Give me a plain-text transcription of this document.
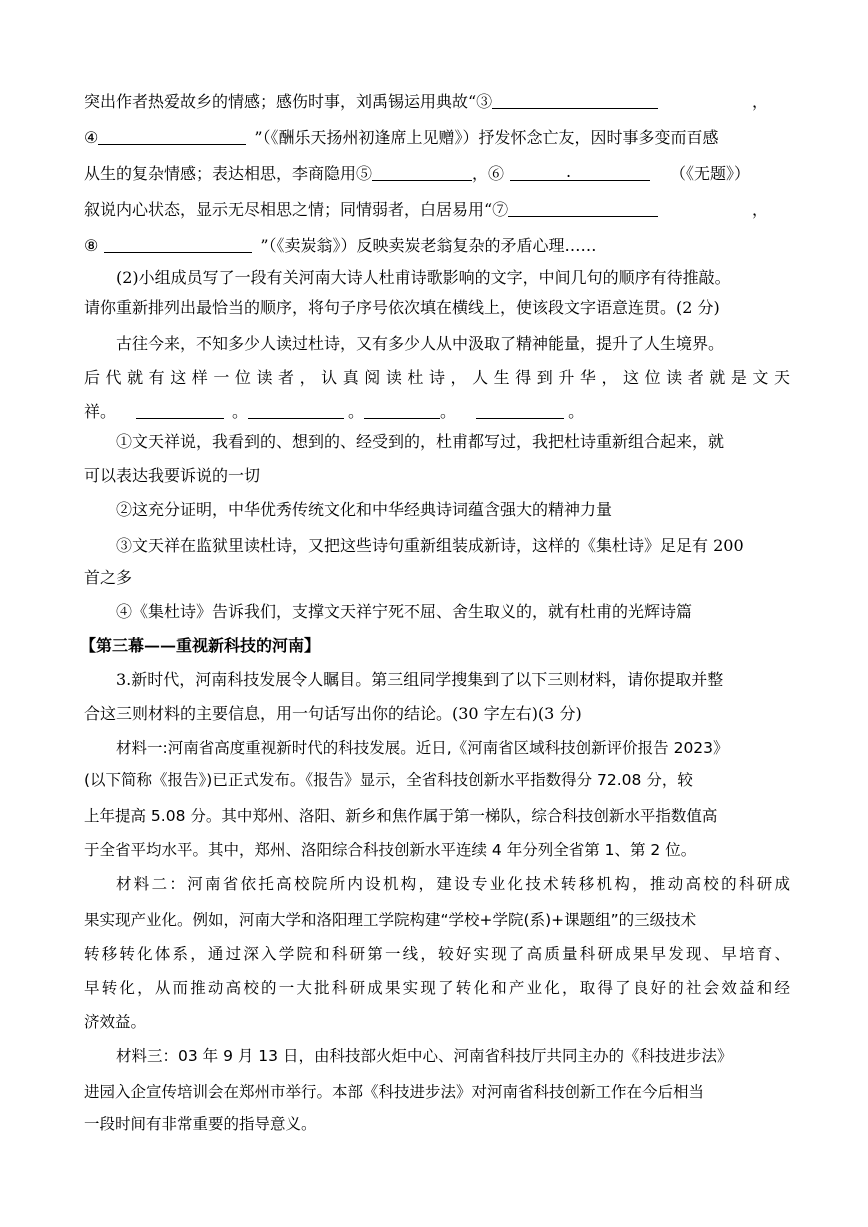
突出作者热爱故乡的情感；感伤时事，刘禹锡运用典故“③	，
④	”（《酬乐天扬州初逢席上见赠》）抒发怀念亡友，因时事多变而百感
从生的复杂情感；表达相思，李商隐用⑤	，⑥	.	（《无题》）
叙说内心状态，显示无尽相思之情；同情弱者，白居易用“⑦	，
⑧	”（《卖炭翁》）反映卖炭老翁复杂的矛盾心理……
(2)小组成员写了一段有关河南大诗人杜甫诗歌影响的文字，中间几句的顺序有待推敲。
请你重新排列出最恰当的顺序，将句子序号依次填在横线上，使该段文字语意连贯。(2 分)
古往今来，不知多少人读过杜诗，又有多少人从中汲取了精神能量，提升了人生境界。
后代就有这样一位读者，认真阅读杜诗，人生得到升华，这位读者就是文天
祥。	。	。	。	。
①文天祥说，我看到的、想到的、经受到的，杜甫都写过，我把杜诗重新组合起来，就
可以表达我要诉说的一切
②这充分证明，中华优秀传统文化和中华经典诗词蕴含强大的精神力量
③文天祥在监狱里读杜诗，又把这些诗句重新组装成新诗，这样的《集杜诗》足足有 200
首之多
④《集杜诗》告诉我们，支撑文天祥宁死不屈、舍生取义的，就有杜甫的光辉诗篇
【第三幕——重视新科技的河南】
3.新时代，河南科技发展令人瞩目。第三组同学搜集到了以下三则材料，请你提取并整
合这三则材料的主要信息，用一句话写出你的结论。(30 字左右)(3 分)
材料一:河南省高度重视新时代的科技发展。近日,《河南省区域科技创新评价报告 2023》
(以下简称《报告》)已正式发布。《报告》显示，全省科技创新水平指数得分 72.08 分，较
上年提高 5.08 分。其中郑州、洛阳、新乡和焦作属于第一梯队，综合科技创新水平指数值高
于全省平均水平。其中，郑州、洛阳综合科技创新水平连续 4 年分列全省第 1、第 2 位。
材料二：河南省依托高校院所内设机构，建设专业化技术转移机构，推动高校的科研成
果实现产业化。例如，河南大学和洛阳理工学院构建“学校+学院(系)+课题组”的三级技术
转移转化体系，通过深入学院和科研第一线，较好实现了高质量科研成果早发现、早培育、
早转化，从而推动高校的一大批科研成果实现了转化和产业化，取得了良好的社会效益和经
济效益。
材料三：03 年 9 月 13 日，由科技部火炬中心、河南省科技厅共同主办的《科技进步法》
进园入企宣传培训会在郑州市举行。本部《科技进步法》对河南省科技创新工作在今后相当
一段时间有非常重要的指导意义。
